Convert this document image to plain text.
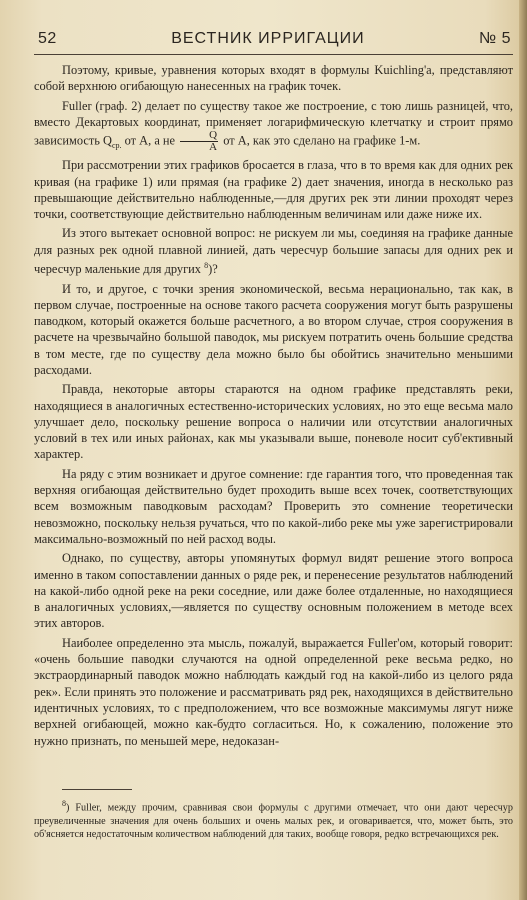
52	ВЕСТНИК ИРРИГАЦИИ	№ 5

Поэтому, кривые, уравнения которых входят в формулы Kuichling'a, представляют собой верхнюю огибающую нанесенных на график точек.

Fuller (граф. 2) делает по существу такое же построение, с тою лишь разницей, что, вместо Декартовых координат, применяет логарифмическую клетчатку и строит прямо зависимость $Q_{ср.}$ от A, а не $\frac{Q}{A}$ от A, как это сделано на графике 1-м.

При рассмотрении этих графиков бросается в глаза, что в то время как для одних рек кривая (на графике 1) или прямая (на графике 2) дает значения, иногда в несколько раз превышающие действительно наблюденные,—для других рек эти линии проходят через точки, соответствующие действительно наблюденным величинам или даже ниже их.

Из этого вытекает основной вопрос: не рискуем ли мы, соединяя на графике данные для разных рек одной плавной линией, дать чересчур большие запасы для одних рек и чересчур маленькие для других $^8$)?

И то, и другое, с точки зрения экономической, весьма нерационально, так как, в первом случае, построенные на основе такого расчета сооружения могут быть разрушены паводком, который окажется больше расчетного, а во втором случае, строя сооружения в расчете на чрезвычайно большой паводок, мы рискуем потратить очень большие средства в том месте, где по существу дела можно было бы обойтись значительно меньшими расходами.

Правда, некоторые авторы стараются на одном графике представлять реки, находящиеся в аналогичных естественно-исторических условиях, но это еще весьма мало улучшает дело, поскольку решение вопроса о наличии или отсутствии аналогичных условий в тех или иных районах, как мы указывали выше, поневоле носит суб'ективный характер.

На ряду с этим возникает и другое сомнение: где гарантия того, что проведенная так верхняя огибающая действительно будет проходить выше всех точек, соответствующих всем возможным паводковым расходам? Проверить это сомнение теоретически невозможно, поскольку нельзя ручаться, что по какой-либо реке мы уже зарегистрировали максимально-возможный по ней расход воды.

Однако, по существу, авторы упомянутых формул видят решение этого вопроса именно в таком сопоставлении данных о ряде рек, и перенесение результатов наблюдений на какой-либо одной реке на реки соседние, или даже более отдаленные, но находящиеся в аналогичных условиях,—является по существу основным положением в методе всех этих авторов.

Наиболее определенно эта мысль, пожалуй, выражается Fuller'ом, который говорит: «очень большие паводки случаются на одной определенной реке весьма редко, но экстраординарный паводок можно наблюдать каждый год на какой-либо из целого ряда рек». Если принять это положение и рассматривать ряд рек, находящихся в действительно идентичных условиях, то с предположением, что все возможные максимумы лягут ниже верхней огибающей, можно как-будто согласиться. Но, к сожалению, положение это нужно признать, по меньшей мере, недоказан-

$^8$) Fuller, между прочим, сравнивая свои формулы с другими отмечает, что они дают чересчур преувеличенные значения для очень больших и очень малых рек, и оговаривается, что, может быть, это об'ясняется недостаточным количеством наблюдений для таких, вообще говоря, редко встречающихся рек.
